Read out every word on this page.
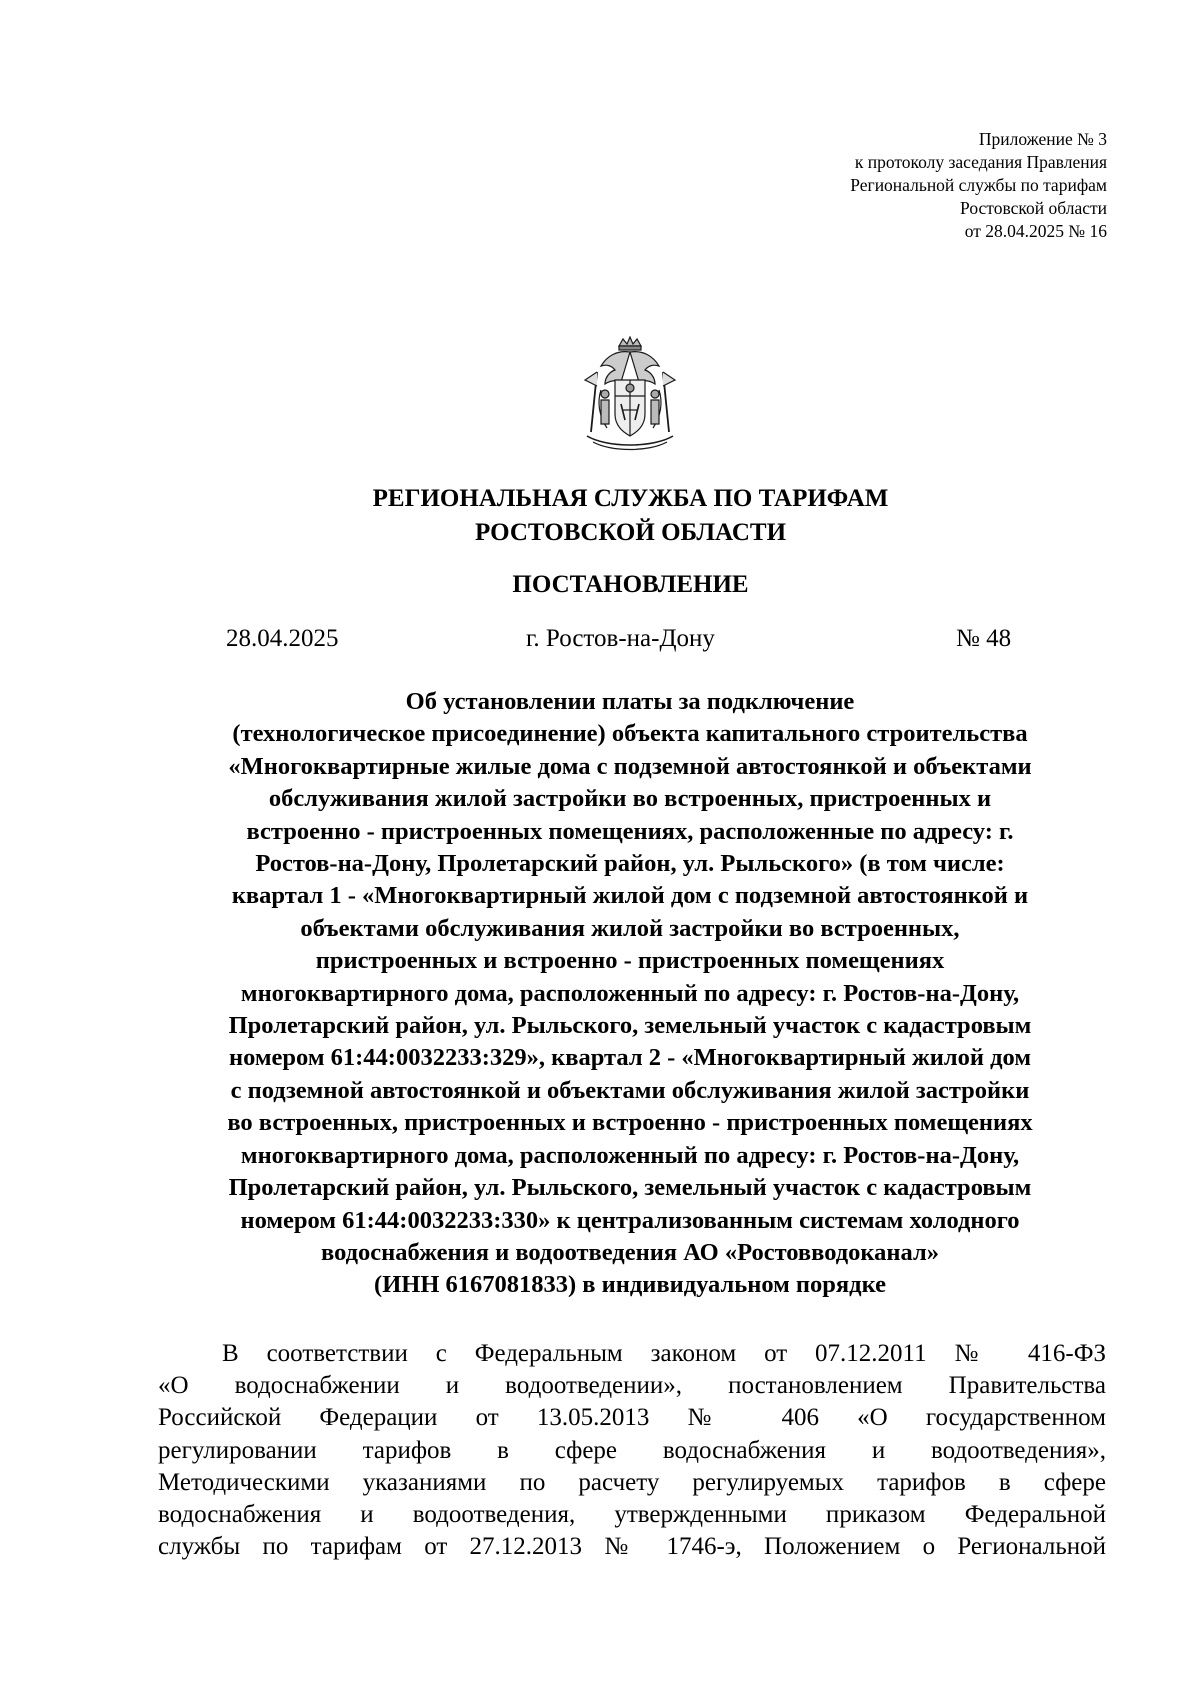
Приложение № 3
к протоколу заседания Правления
Региональной службы по тарифам
Ростовской области
от 28.04.2025 № 16
РЕГИОНАЛЬНАЯ СЛУЖБА ПО ТАРИФАМ
РОСТОВСКОЙ ОБЛАСТИ
ПОСТАНОВЛЕНИЕ
28.04.2025	г. Ростов-на-Дону	№ 48
Об установлении платы за подключение
(технологическое присоединение) объекта капитального строительства
«Многоквартирные жилые дома с подземной автостоянкой и объектами
обслуживания жилой застройки во встроенных, пристроенных и
встроенно - пристроенных помещениях, расположенные по адресу: г.
Ростов-на-Дону, Пролетарский район, ул. Рыльского» (в том числе:
квартал 1 - «Многоквартирный жилой дом с подземной автостоянкой и
объектами обслуживания жилой застройки во встроенных,
пристроенных и встроенно - пристроенных помещениях
многоквартирного дома, расположенный по адресу: г. Ростов-на-Дону,
Пролетарский район, ул. Рыльского, земельный участок с кадастровым
номером 61:44:0032233:329», квартал 2 - «Многоквартирный жилой дом
с подземной автостоянкой и объектами обслуживания жилой застройки
во встроенных, пристроенных и встроенно - пристроенных помещениях
многоквартирного дома, расположенный по адресу: г. Ростов-на-Дону,
Пролетарский район, ул. Рыльского, земельный участок с кадастровым
номером 61:44:0032233:330» к централизованным системам холодного
водоснабжения и водоотведения АО «Ростовводоканал»
(ИНН 6167081833) в индивидуальном порядке
В соответствии с Федеральным законом от 07.12.2011 № 416-ФЗ
«О водоснабжении и водоотведении», постановлением Правительства
Российской Федерации от 13.05.2013 № 406 «О государственном
регулировании тарифов в сфере водоснабжения и водоотведения»,
Методическими указаниями по расчету регулируемых тарифов в сфере
водоснабжения и водоотведения, утвержденными приказом Федеральной
службы по тарифам от 27.12.2013 № 1746-э, Положением о Региональной
